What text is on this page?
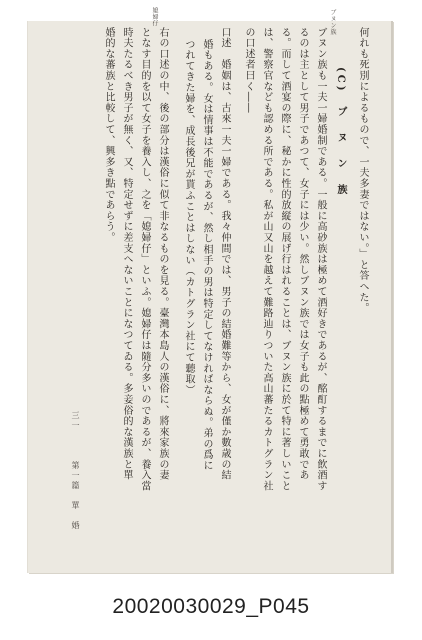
何れも死別によるもので、一夫多妻ではない。」と答へた。
(C)　ブ　ヌ　ン　族
ブヌン族も一夫一婦婚制である。一般に高砂族は極めて酒好きであるが、酩酊するまでに飲酒す
るのは主として男子であつて、女子には少い。然しブヌン族では女子も此の點極めて勇敢であ
る。而して酒宴の際に、秘かに性的放縦の展げ行はれることは、ブヌン族に於て特に著しいこと
は、警察官なども認める所である。私が山又山を越えて難路辿りついた高山蕃たるカトグラン社
の口述者曰く――
口述　婚姻は、古來一夫一婦である。我々仲間では、男子の結婚難等から、女が僅か數歳の結
婚もある。女は情事は不能であるが、然し相手の男は特定してなければならぬ。弟の爲に
つれてきた婦を、成長後兄が貰ふことはしない（カトグラン社にて聽取）
右の口述の中、後の部分は漢俗に似て非なるものを見る。臺灣本島人の漢俗に、將來家族の妻
となす目的を以て女子を養入し、之を「媳婦仔」といふ。媳婦仔は隨分多いのであるが、養入當
時夫たるべき男子が無く、又、特定せずに差支へないことになつてゐる。多妾俗的な漢族と單
婚的な蕃族と比較して、興多き點であらう。
ブヌン族
媳婦仔
第一篇　單　婚
三一
20020030029_P045
